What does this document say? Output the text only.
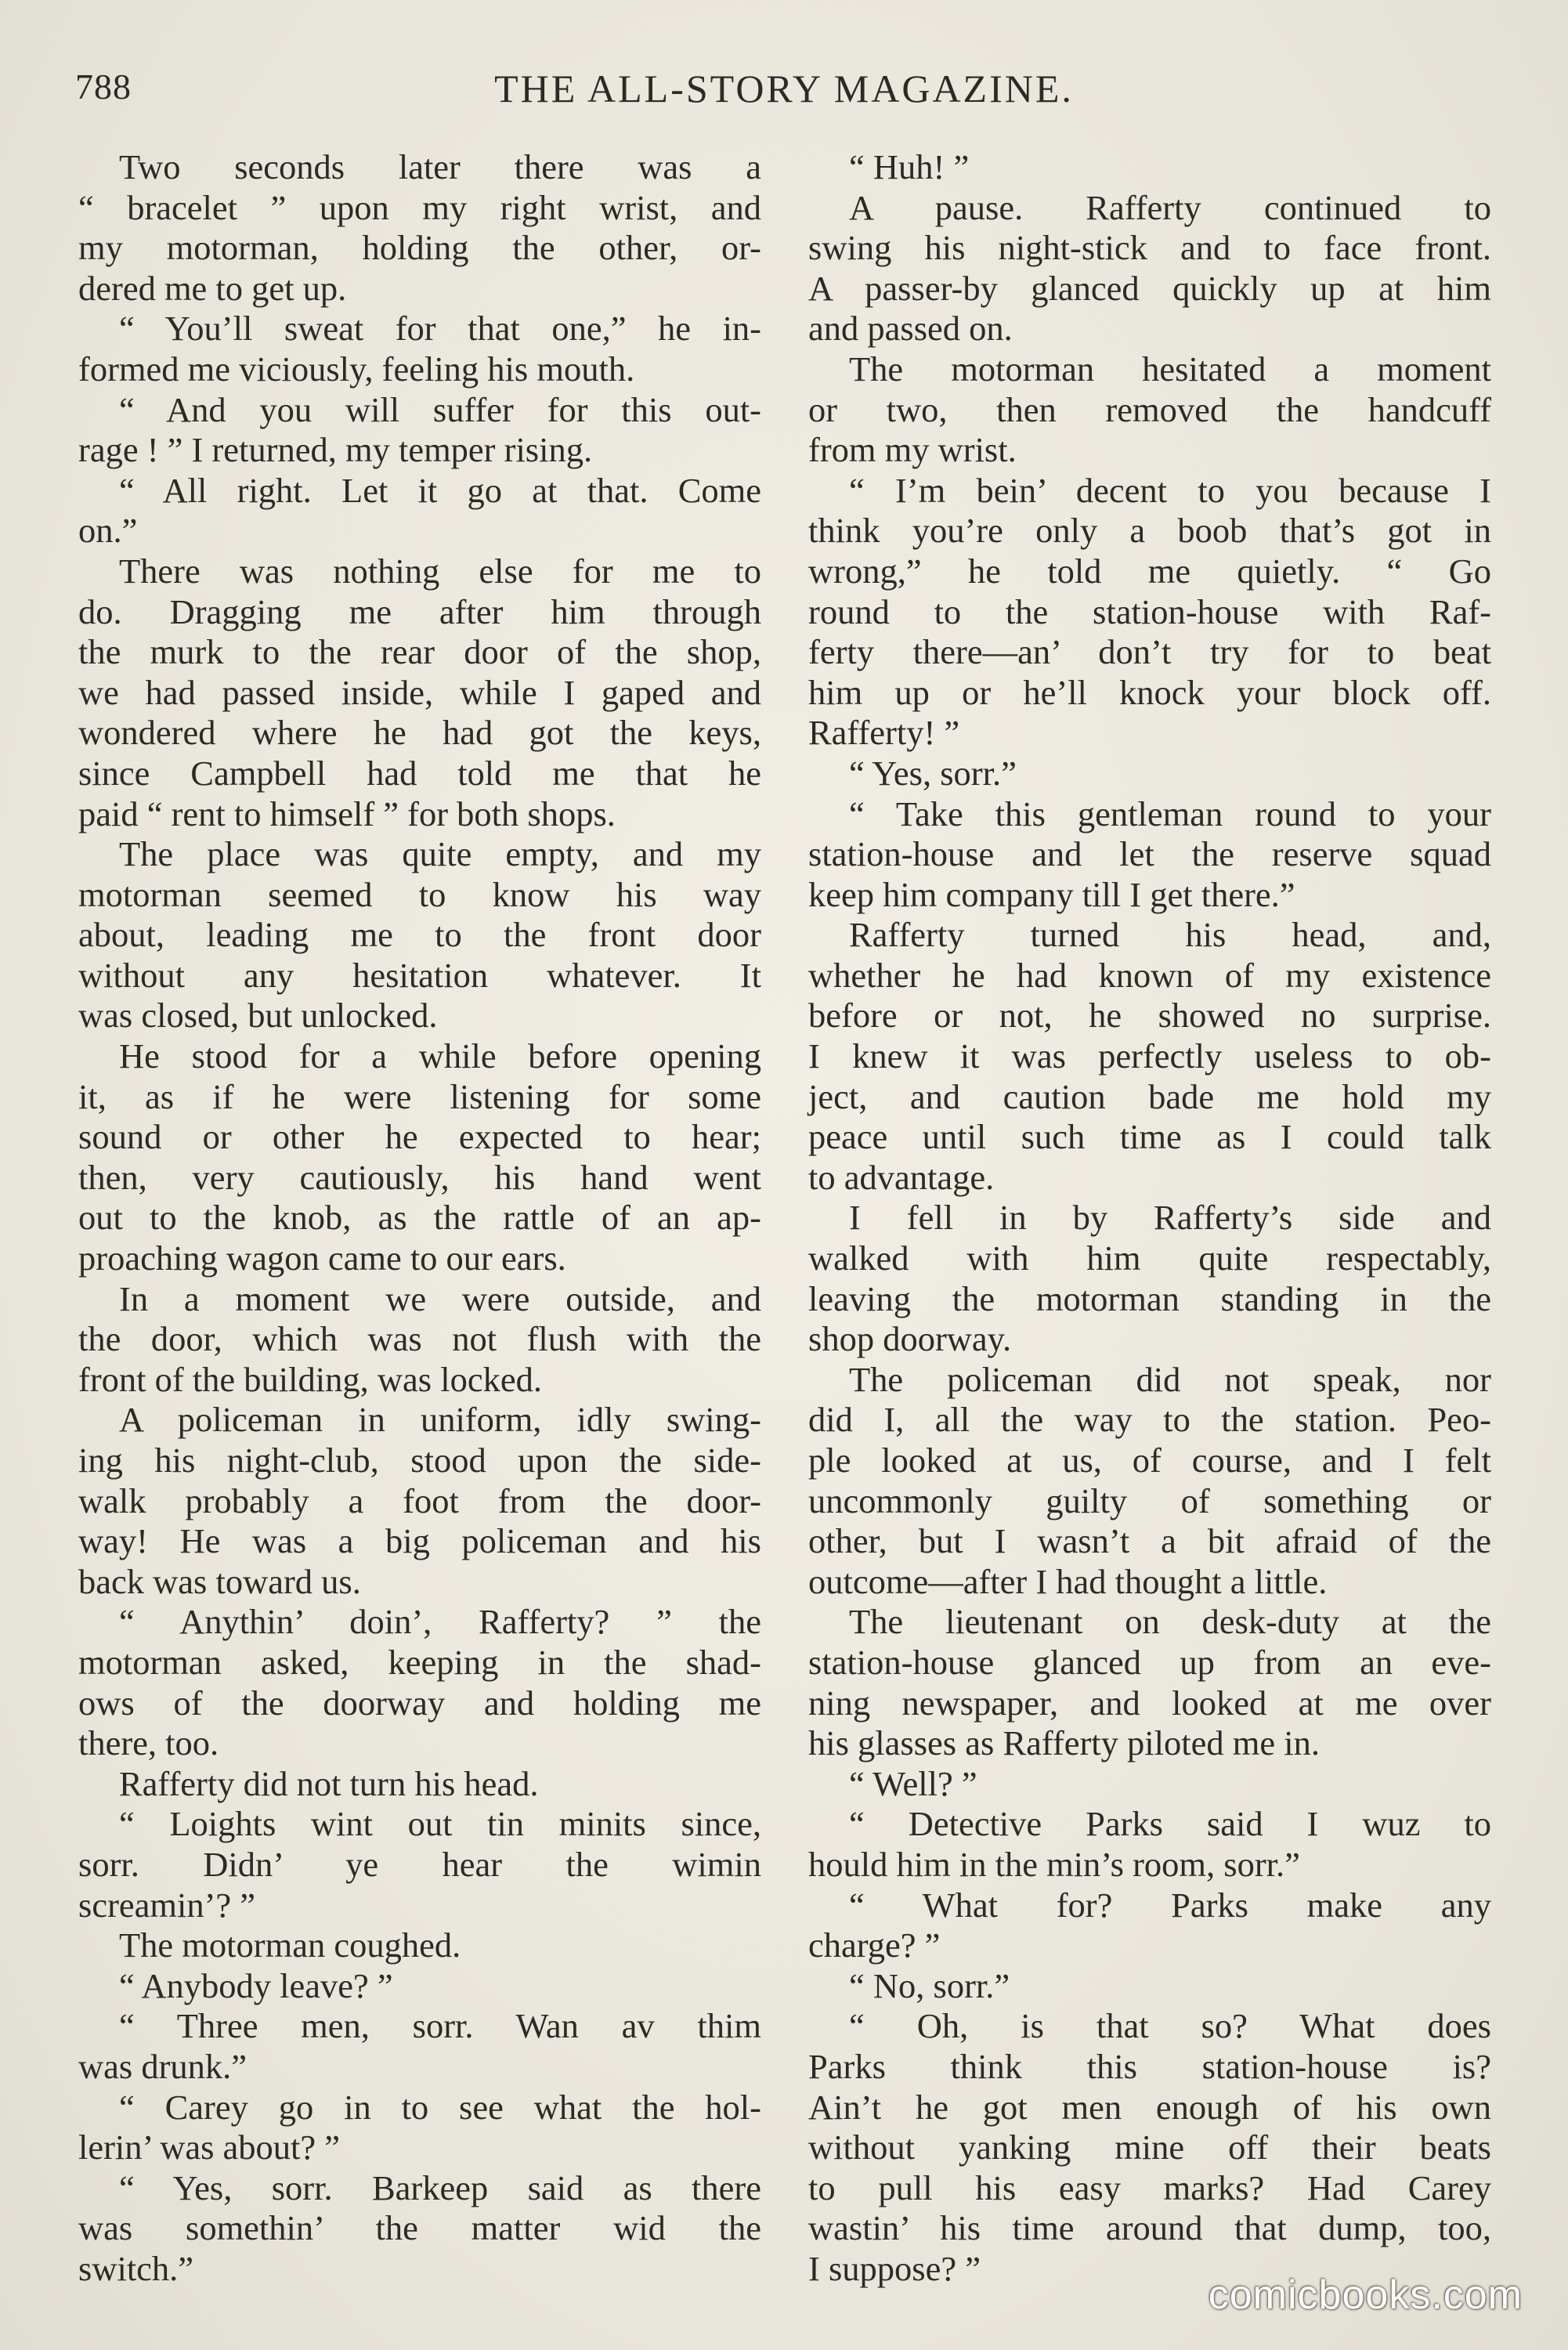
788	THE ALL-STORY MAGAZINE.
Two seconds later there was a
“ bracelet ” upon my right wrist, and
my motorman, holding the other, or-
dered me to get up.
“ You’ll sweat for that one,” he in-
formed me viciously, feeling his mouth.
“ And you will suffer for this out-
rage ! ” I returned, my temper rising.
“ All right. Let it go at that. Come
on.”
There was nothing else for me to
do. Dragging me after him through
the murk to the rear door of the shop,
we had passed inside, while I gaped and
wondered where he had got the keys,
since Campbell had told me that he
paid “ rent to himself ” for both shops.
The place was quite empty, and my
motorman seemed to know his way
about, leading me to the front door
without any hesitation whatever. It
was closed, but unlocked.
He stood for a while before opening
it, as if he were listening for some
sound or other he expected to hear;
then, very cautiously, his hand went
out to the knob, as the rattle of an ap-
proaching wagon came to our ears.
In a moment we were outside, and
the door, which was not flush with the
front of the building, was locked.
A policeman in uniform, idly swing-
ing his night-club, stood upon the side-
walk probably a foot from the door-
way! He was a big policeman and his
back was toward us.
“ Anythin’ doin’, Rafferty? ” the
motorman asked, keeping in the shad-
ows of the doorway and holding me
there, too.
Rafferty did not turn his head.
“ Loights wint out tin minits since,
sorr. Didn’ ye hear the wimin
screamin’? ”
The motorman coughed.
“ Anybody leave? ”
“ Three men, sorr. Wan av thim
was drunk.”
“ Carey go in to see what the hol-
lerin’ was about? ”
“ Yes, sorr. Barkeep said as there
was somethin’ the matter wid the
switch.”
“ Huh! ”
A pause. Rafferty continued to
swing his night-stick and to face front.
A passer-by glanced quickly up at him
and passed on.
The motorman hesitated a moment
or two, then removed the handcuff
from my wrist.
“ I’m bein’ decent to you because I
think you’re only a boob that’s got in
wrong,” he told me quietly. “ Go
round to the station-house with Raf-
ferty there—an’ don’t try for to beat
him up or he’ll knock your block off.
Rafferty! ”
“ Yes, sorr.”
“ Take this gentleman round to your
station-house and let the reserve squad
keep him company till I get there.”
Rafferty turned his head, and,
whether he had known of my existence
before or not, he showed no surprise.
I knew it was perfectly useless to ob-
ject, and caution bade me hold my
peace until such time as I could talk
to advantage.
I fell in by Rafferty’s side and
walked with him quite respectably,
leaving the motorman standing in the
shop doorway.
The policeman did not speak, nor
did I, all the way to the station. Peo-
ple looked at us, of course, and I felt
uncommonly guilty of something or
other, but I wasn’t a bit afraid of the
outcome—after I had thought a little.
The lieutenant on desk-duty at the
station-house glanced up from an eve-
ning newspaper, and looked at me over
his glasses as Rafferty piloted me in.
“ Well? ”
“ Detective Parks said I wuz to
hould him in the min’s room, sorr.”
“ What for? Parks make any
charge? ”
“ No, sorr.”
“ Oh, is that so? What does
Parks think this station-house is?
Ain’t he got men enough of his own
without yanking mine off their beats
to pull his easy marks? Had Carey
wastin’ his time around that dump, too,
I suppose? ”
comicbooks.com
